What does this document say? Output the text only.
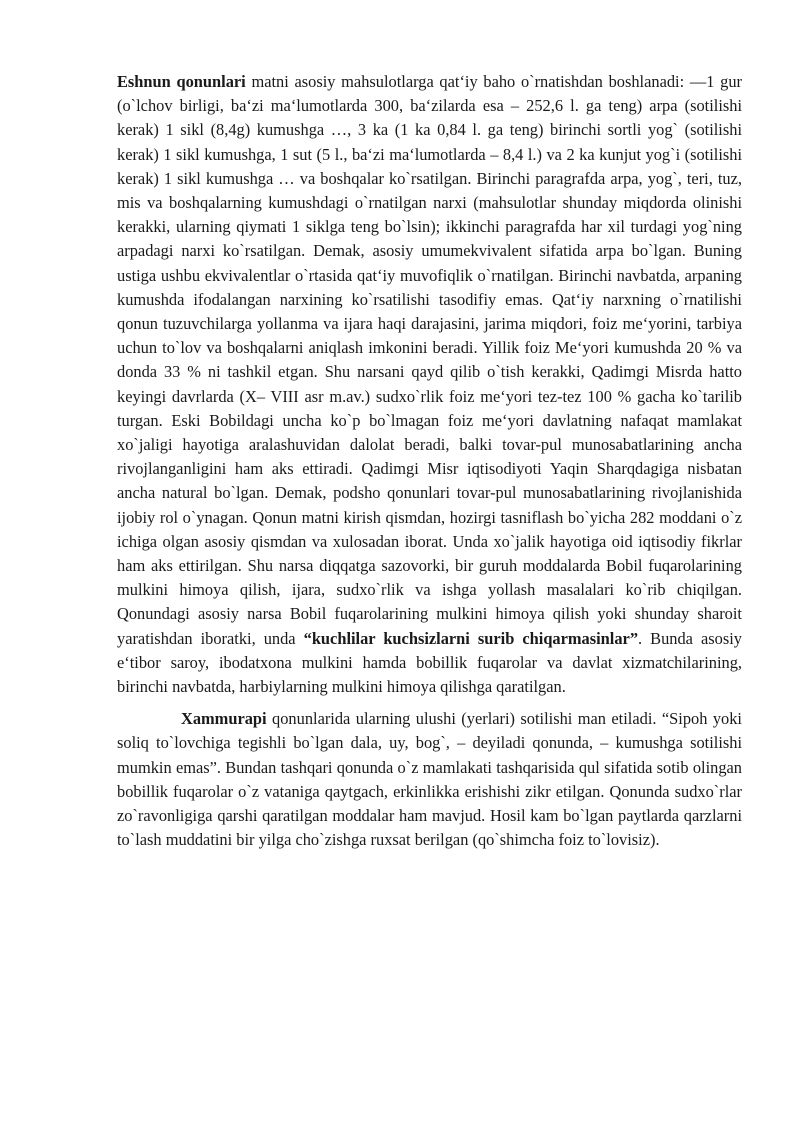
Eshnun qonunlari matni asosiy mahsulotlarga qat‘iy baho o`rnatishdan boshlanadi: —1 gur (o`lchov birligi, ba‘zi ma‘lumotlarda 300, ba‘zilarda esa – 252,6 l. ga teng) arpa (sotilishi kerak) 1 sikl (8,4g) kumushga …, 3 ka (1 ka 0,84 l. ga teng) birinchi sortli yog` (sotilishi kerak) 1 sikl kumushga, 1 sut (5 l., ba‘zi ma‘lumotlarda – 8,4 l.) va 2 ka kunjut yog`i (sotilishi kerak) 1 sikl kumushga … va boshqalar ko`rsatilgan. Birinchi paragrafda arpa, yog`, teri, tuz, mis va boshqalarning kumushdagi o`rnatilgan narxi (mahsulotlar shunday miqdorda olinishi kerakki, ularning qiymati 1 siklga teng bo`lsin); ikkinchi paragrafda har xil turdagi yog`ning arpadagi narxi ko`rsatilgan. Demak, asosiy umumekvivalent sifatida arpa bo`lgan. Buning ustiga ushbu ekvivalentlar o`rtasida qat‘iy muvofiqlik o`rnatilgan. Birinchi navbatda, arpaning kumushda ifodalangan narxining ko`rsatilishi tasodifiy emas. Qat‘iy narxning o`rnatilishi qonun tuzuvchilarga yollanma va ijara haqi darajasini, jarima miqdori, foiz me‘yorini, tarbiya uchun to`lov va boshqalarni aniqlash imkonini beradi. Yillik foiz Me‘yori kumushda 20 % va donda 33 % ni tashkil etgan. Shu narsani qayd qilib o`tish kerakki, Qadimgi Misrda hatto keyingi davrlarda (X– VIII asr m.av.) sudxo`rlik foiz me‘yori tez-tez 100 % gacha ko`tarilib turgan. Eski Bobildagi uncha ko`p bo`lmagan foiz me‘yori davlatning nafaqat mamlakat xo`jaligi hayotiga aralashuvidan dalolat beradi, balki tovar-pul munosabatlarining ancha rivojlanganligini ham aks ettiradi. Qadimgi Misr iqtisodiyoti Yaqin Sharqdagiga nisbatan ancha natural bo`lgan. Demak, podsho qonunlari tovar-pul munosabatlarining rivojlanishida ijobiy rol o`ynagan. Qonun matni kirish qismdan, hozirgi tasniflash bo`yicha 282 moddani o`z ichiga olgan asosiy qismdan va xulosadan iborat. Unda xo`jalik hayotiga oid iqtisodiy fikrlar ham aks ettirilgan. Shu narsa diqqatga sazovorki, bir guruh moddalarda Bobil fuqarolarining mulkini himoya qilish, ijara, sudxo`rlik va ishga yollash masalalari ko`rib chiqilgan. Qonundagi asosiy narsa Bobil fuqarolarining mulkini himoya qilish yoki shunday sharoit yaratishdan iboratki, unda “kuchlilar kuchsizlarni surib chiqarmasinlar”. Bunda asosiy e‘tibor saroy, ibodatxona mulkini hamda bobillik fuqarolar va davlat xizmatchilarining, birinchi navbatda, harbiylarning mulkini himoya qilishga qaratilgan.

Xammurapi qonunlarida ularning ulushi (yerlari) sotilishi man etiladi. “Sipoh yoki soliq to`lovchiga tegishli bo`lgan dala, uy, bog`, – deyiladi qonunda, – kumushga sotilishi mumkin emas”. Bundan tashqari qonunda o`z mamlakati tashqarisida qul sifatida sotib olingan bobillik fuqarolar o`z vataniga qaytgach, erkinlikka erishishi zikr etilgan. Qonunda sudxo`rlar zo`ravonligiga qarshi qaratilgan moddalar ham mavjud. Hosil kam bo`lgan paytlarda qarzlarni to`lash muddatini bir yilga cho`zishga ruxsat berilgan (qo`shimcha foiz to`lovisiz).
